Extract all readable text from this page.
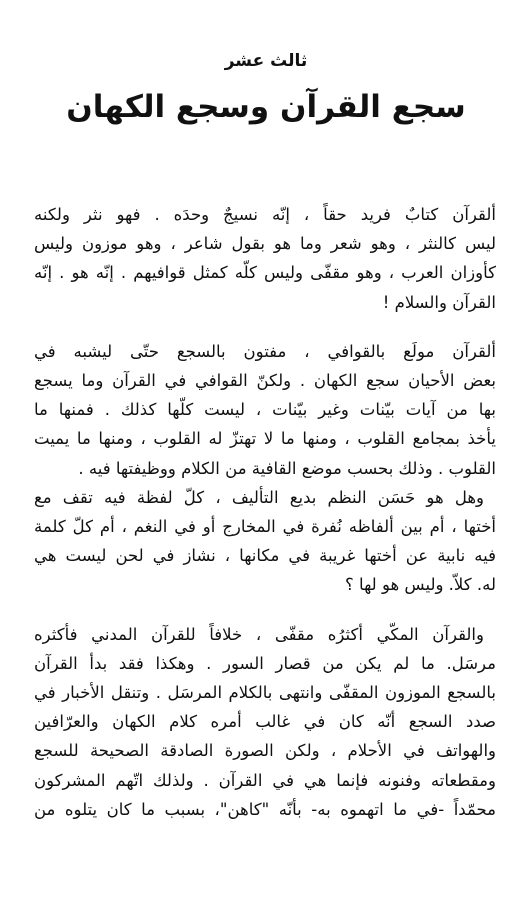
ثالث عشر
سجع القرآن وسجع الكهان

ألقرآن كتابٌ فريد حقاً ، إنّه نسيجٌ وحدَه . فهو نثر ولكنه
ليس كالنثر ، وهو شعر وما هو بقول شاعر ، وهو موزون وليس
كأوزان العرب ، وهو مقفّى وليس كلّه كمثل قوافيهم . إنّه هو . إنّه
القرآن والسلام !

ألقرآن مولَع بالقوافي ، مفتون بالسجع حتّى ليشبه في
بعض الأحيان سجع الكهان . ولكنّ القوافي في القرآن وما يسجع
بها من آيات بيّنات وغير بيّنات ، ليست كلّها كذلك . فمنها ما
يأخذ بمجامع القلوب ، ومنها ما لا تهتزّ له القلوب ، ومنها ما يميت
القلوب . وذلك بحسب موضع القافية من الكلام ووظيفتها فيه .
وهل هو حَسَن النظم بديع التأليف ، كلّ لفظة فيه تقف مع
أختها ، أم بين ألفاظه نُفرة في المخارج أو في النغم ، أم كلّ كلمة
فيه نابية عن أختها غريبة في مكانها ، نشاز في لحن ليست هي
له. كلاّ. وليس هو لها ؟

والقرآن المكّي أكثرُه مقفّى ، خلافاً للقرآن المدني فأكثره
مرسَل. ما لم يكن من قصار السور . وهكذا فقد بدأ القرآن
بالسجع الموزون المقفّى وانتهى بالكلام المرسَل . وتنقل الأخبار في
صدد السجع أنّه كان في غالب أمره كلام الكهان والعرّافين
والهواتف في الأحلام ، ولكن الصورة الصادقة الصحيحة للسجع
ومقطعاته وفنونه فإنما هي في القرآن . ولذلك اتّهم المشركون
محمّداً -في ما اتهموه به- بأنّه "كاهن"، بسبب ما كان يتلوه من
